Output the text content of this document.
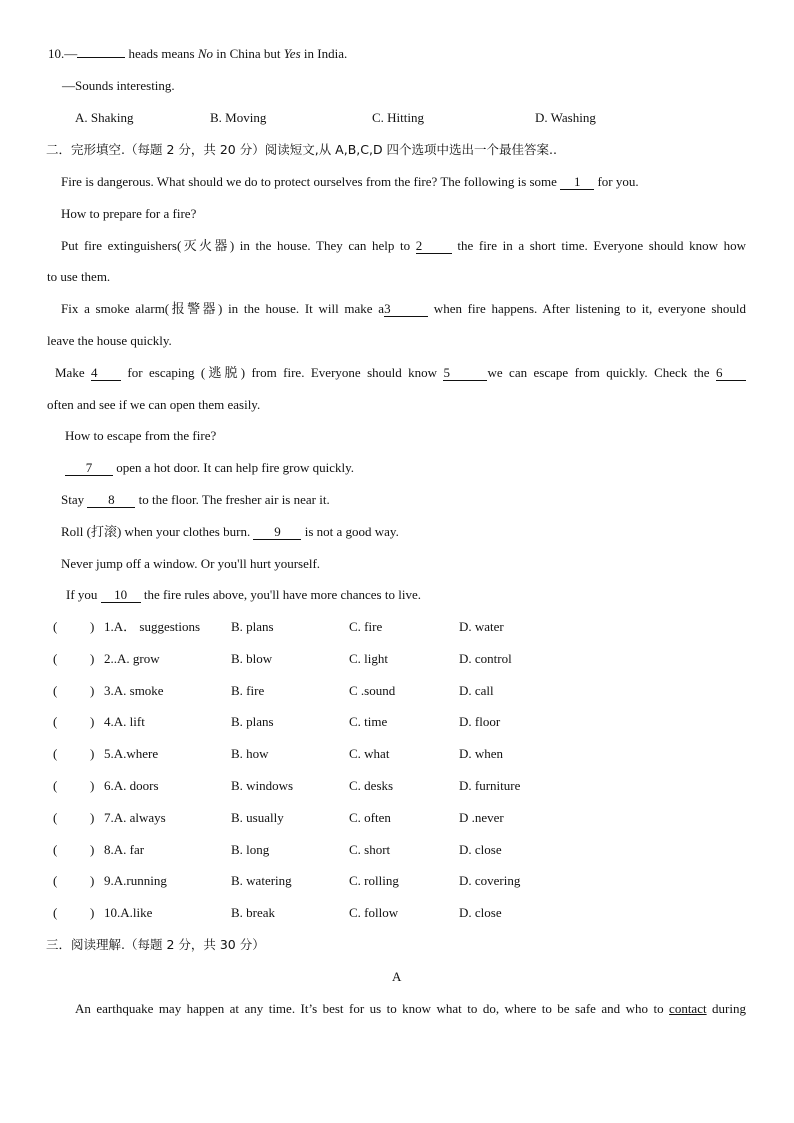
10.—	heads means No in China but Yes in India.
—Sounds interesting.
A. Shaking	B. Moving	C. Hitting	D. Washing
二．完形填空.（每题 2 分，共 20 分）阅读短文,从 A,B,C,D 四个选项中选出一个最佳答案..
Fire is dangerous. What should we do to protect ourselves from the fire? The following is some 1 for you.
How to prepare for a fire?
Put fire extinguishers(灭火器) in the house. They can help to 2 the fire in a short time. Everyone should know how
to use them.
Fix a smoke alarm(报警器) in the house. It will make a3	when fire happens. After listening to it, everyone should
leave the house quickly.
Make 4 for escaping (逃脱) from fire. Everyone should know 5	we can escape from quickly. Check the 6
often and see if we can open them easily.
How to escape from the fire?
7 open a hot door. It can help fire grow quickly.
Stay 8 to the floor. The fresher air is near it.
Roll (打滚) when your clothes burn. 9 is not a good way.
Never jump off a window. Or you'll hurt yourself.
If you 10 the fire rules above, you'll have more chances to live.
(	) 1.A． suggestions B. plans	C. fire	D. water
(	) 2..A. grow	B. blow	C. light	D. control
(	) 3.A. smoke	B. fire	C .sound	D. call
(	) 4.A. lift	B. plans	C. time	D. floor
(	) 5.A.where	B. how	C. what	D. when
(	) 6.A. doors	B. windows	C. desks	D. furniture
(	) 7.A. always	B. usually	C. often	D .never
(	) 8.A. far	B. long	C. short	D. close
(	) 9.A.running	B. watering	C. rolling	D. covering
(	) 10.A.like	B. break	C. follow	D. close
三．阅读理解.（每题 2 分，共 30 分）
A
An earthquake may happen at any time. It’s best for us to know what to do, where to be safe and who to contact during
